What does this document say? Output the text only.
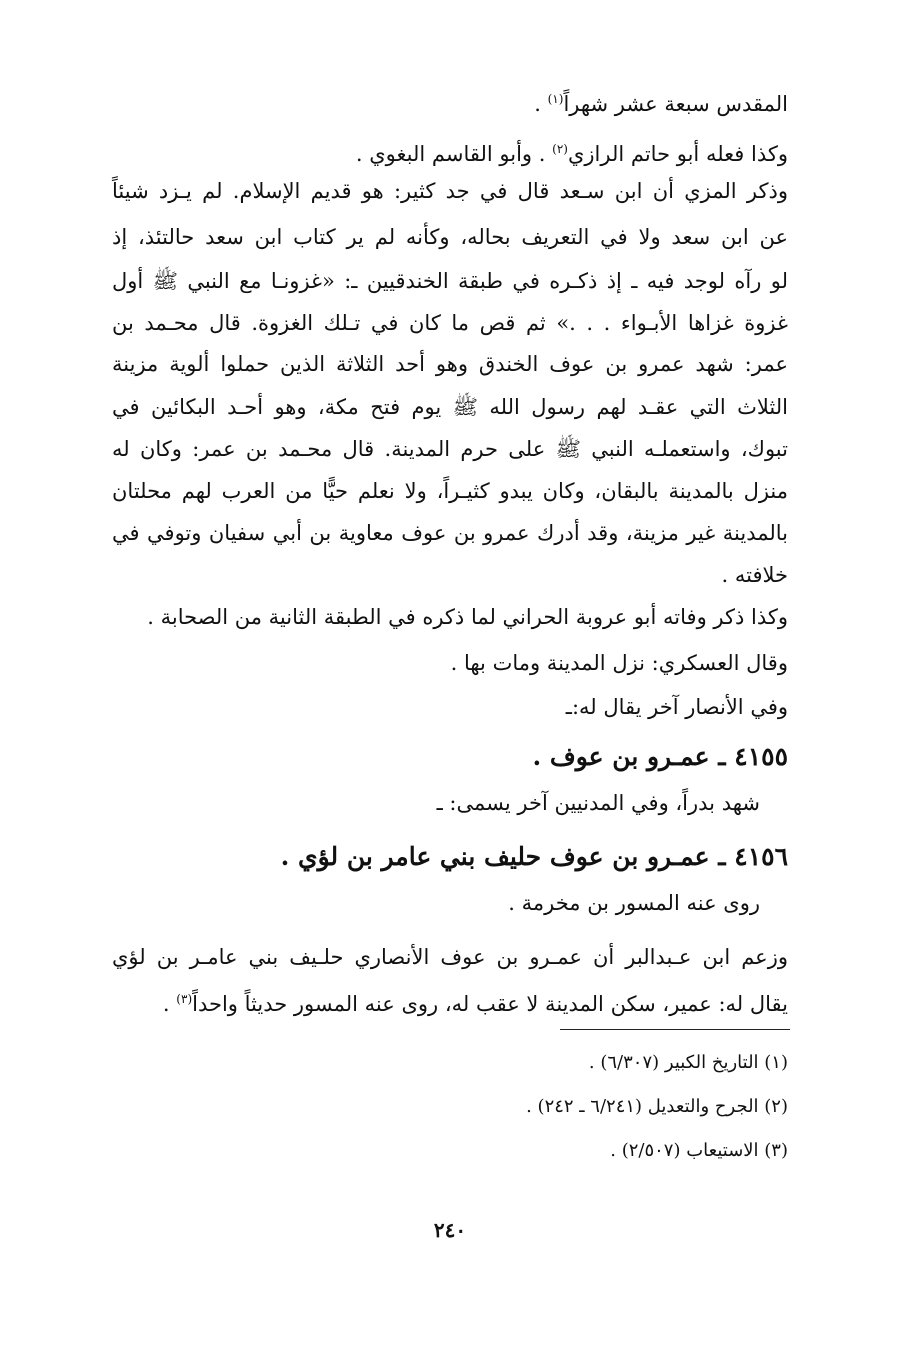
المقدس سبعة عشر شهراً$^{(١)}$ .
وكذا فعله أبو حاتم الرازي$^{(٢)}$ . وأبو القاسم البغوي .
وذكر المزي أن ابن سـعد قال في جد كثير: هو قديم الإسلام. لم يـزد شيئاً
عن ابن سعد ولا في التعريف بحاله، وكأنه لم ير كتاب ابن سعد حالتئذ، إذ
لو رآه لوجد فيه ـ إذ ذكـره في طبقة الخندقيين ـ: «غزونـا مع النبي ﷺ أول
غزوة غزاها الأبـواء . . .» ثم قص ما كان في تـلك الغزوة. قال محـمد بن
عمر: شهد عمرو بن عوف الخندق وهو أحد الثلاثة الذين حملوا ألوية مزينة
الثلاث التي عقـد لهم رسول الله ﷺ يوم فتح مكة، وهو أحـد البكائين في
تبوك، واستعملـه النبي ﷺ على حرم المدينة. قال محـمد بن عمر: وكان له
منزل بالمدينة بالبقان، وكان يبدو كثيـراً، ولا نعلم حيًّا من العرب لهم محلتان
بالمدينة غير مزينة، وقد أدرك عمرو بن عوف معاوية بن أبي سفيان وتوفي في
خلافته .
وكذا ذكر وفاته أبو عروبة الحراني لما ذكره في الطبقة الثانية من الصحابة .
وقال العسكري: نزل المدينة ومات بها .
وفي الأنصار آخر يقال له:ـ
٤١٥٥ ـ عمـرو بن عوف .
شهد بدراً، وفي المدنيين آخر يسمى: ـ
٤١٥٦ ـ عمـرو بن عوف حليف بني عامر بن لؤي .
روى عنه المسور بن مخرمة .
وزعم ابن عـبدالبر أن عمـرو بن عوف الأنصاري حلـيف بني عامـر بن لؤي
يقال له: عمير، سكن المدينة لا عقب له، روى عنه المسور حديثاً واحداً$^{(٣)}$ .
(١) التاريخ الكبير (٦/٣٠٧) .
(٢) الجرح والتعديل (٦/٢٤١ ـ ٢٤٢) .
(٣) الاستيعاب (٢/٥٠٧) .
٢٤٠
